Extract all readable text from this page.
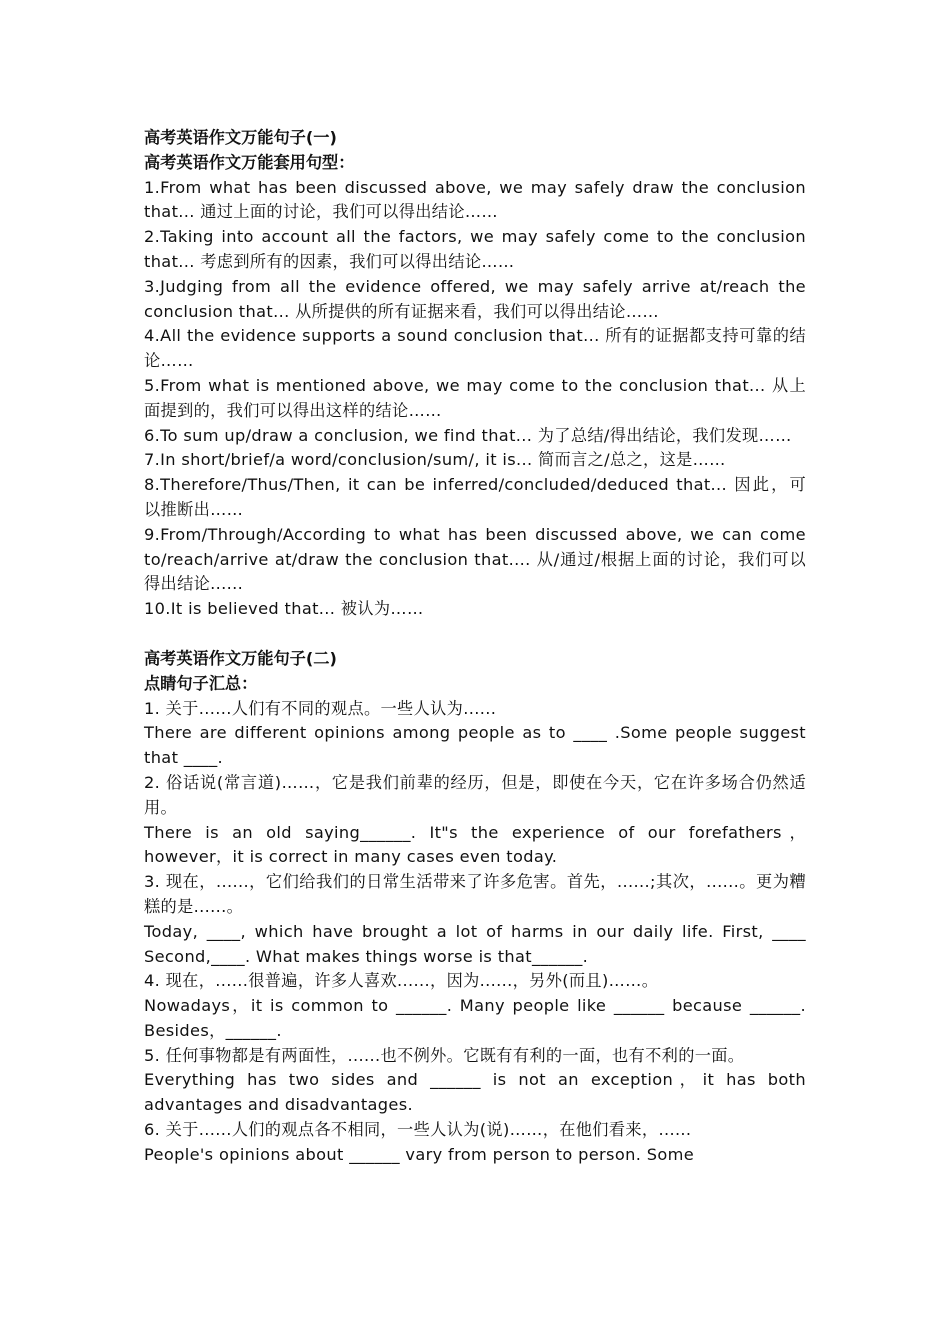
高考英语作文万能句子(一)
高考英语作文万能套用句型：
1.From what has been discussed above, we may safely draw the conclusion that... 通过上面的讨论，我们可以得出结论……
2.Taking into account all the factors, we may safely come to the conclusion that... 考虑到所有的因素，我们可以得出结论……
3.Judging from all the evidence offered, we may safely arrive at/reach the conclusion that... 从所提供的所有证据来看，我们可以得出结论……
4.All the evidence supports a sound conclusion that... 所有的证据都支持可靠的结论……
5.From what is mentioned above, we may come to the conclusion that... 从上面提到的，我们可以得出这样的结论……
6.To sum up/draw a conclusion, we find that... 为了总结/得出结论，我们发现……
7.In short/brief/a word/conclusion/sum/, it is... 简而言之/总之，这是……
8.Therefore/Thus/Then, it can be inferred/concluded/deduced that... 因此，可以推断出……
9.From/Through/According to what has been discussed above, we can come to/reach/arrive at/draw the conclusion that.... 从/通过/根据上面的讨论，我们可以得出结论......
10.It is believed that... 被认为……
高考英语作文万能句子(二)
点睛句子汇总：
1. 关于......人们有不同的观点。一些人认为......
There are different opinions among people as to ____ .Some people suggest that ____.
2. 俗话说(常言道)……，它是我们前辈的经历，但是，即使在今天，它在许多场合仍然适用。
There is an old saying______. It"s the experience of our forefathers，however，it is correct in many cases even today.
3. 现在，......，它们给我们的日常生活带来了许多危害。首先，......;其次，......。更为糟糕的是......。
Today, ____, which have brought a lot of harms in our daily life. First, ____ Second,____. What makes things worse is that______.
4. 现在，......很普遍，许多人喜欢......，因为......，另外(而且)……。
Nowadays，it is common to ______. Many people like ______ because ______. Besides，______.
5. 任何事物都是有两面性，......也不例外。它既有有利的一面，也有不利的一面。
Everything has two sides and ______ is not an exception，it has both advantages and disadvantages.
6. 关于......人们的观点各不相同，一些人认为(说)……，在他们看来，......
People's opinions about ______ vary from person to person. Some
